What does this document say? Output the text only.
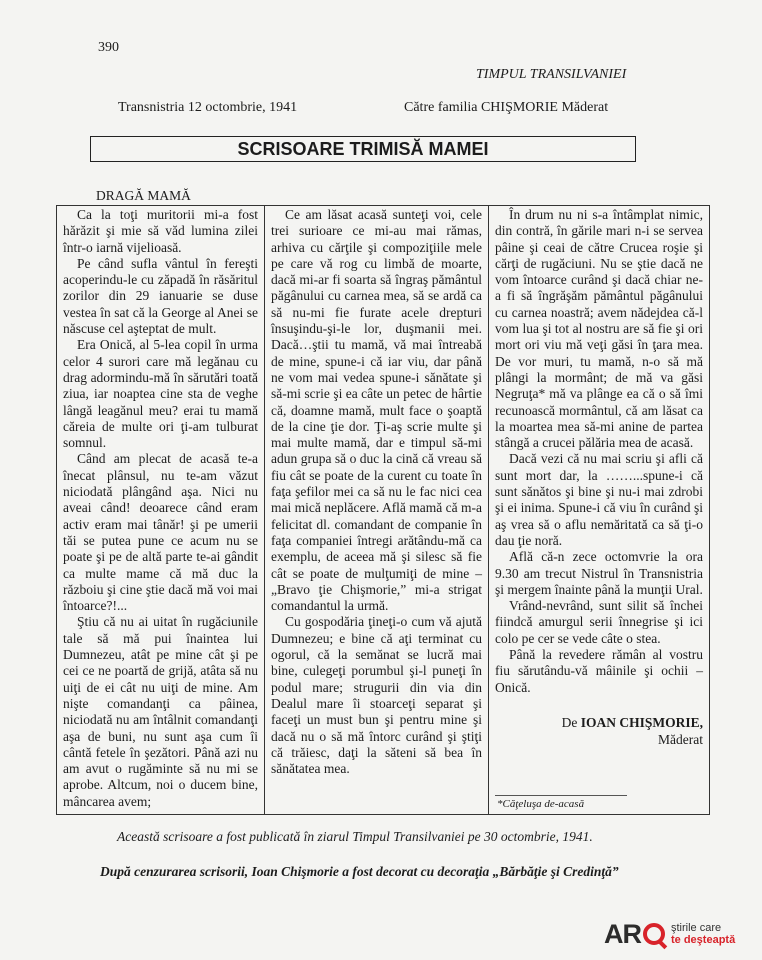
390
TIMPUL TRANSILVANIEI
Transnistria 12 octombrie, 1941	Către familia CHIŞMORIE Măderat
SCRISOARE TRIMISĂ MAMEI
DRAGĂ MAMĂ

Ca la toţi muritorii mi-a fost hărăzit şi mie să văd lumina zilei într-o iarnă vijelioasă.

Pe când sufla vântul în fereşti acoperindu-le cu zăpadă în răsăritul zorilor din 29 ianuarie se duse vestea în sat că la George al Anei se născuse cel aşteptat de mult.

Era Onică, al 5-lea copil în urma celor 4 surori care mă legănau cu drag adormindu-mă în sărutări toată ziua, iar noaptea cine sta de veghe lângă leagănul meu? erai tu mamă căreia de multe ori ţi-am tulburat somnul.

Când am plecat de acasă te-a înecat plânsul, nu te-am văzut niciodată plângând aşa. Nici nu aveai când! deoarece când eram activ eram mai tânăr! şi pe umerii tăi se putea pune ce acum nu se poate şi pe de altă parte te-ai gândit ca multe mame că mă duc la războiu şi cine ştie dacă mă voi mai întoarce?!...

Ştiu că nu ai uitat în rugăciunile tale să mă pui înaintea lui Dumnezeu, atât pe mine cât şi pe cei ce ne poartă de grijă, atâta să nu uiţi de ei cât nu uiţi de mine. Am nişte comandanţi ca pâinea, niciodată nu am întâlnit comandanţi aşa de buni, nu sunt aşa cum îi cântă fetele în şezători. Până azi nu am avut o rugăminte să nu mi se aprobe. Altcum, noi o ducem bine, mâncarea avem;

Ce am lăsat acasă sunteţi voi, cele trei surioare ce mi-au mai rămas, arhiva cu cărţile şi compoziţiile mele pe care vă rog cu limbă de moarte, dacă mi-ar fi soarta să îngraş pământul păgânului cu carnea mea, să se ardă ca să nu-mi fie furate acele drepturi însuşindu-şi-le lor, duşmanii mei. Dacă…ştii tu mamă, vă mai întreabă de mine, spune-i că iar viu, dar până ne vom mai vedea spune-i sănătate şi să-mi scrie şi ea câte un petec de hârtie că, doamne mamă, mult face o şoaptă de la cine ţie dor. Ţi-aş scrie multe şi mai multe mamă, dar e timpul să-mi adun grupa să o duc la cină că vreau să fiu cât se poate de la curent cu toate în faţa şefilor mei ca să nu le fac nici cea mai mică neplăcere. Află mamă că m-a felicitat dl. comandant de companie în faţa companiei întregi arătându-mă ca exemplu, de aceea mă şi silesc să fie cât se poate de mulţumiţi de mine – „Bravo ţie Chişmorie,” mi-a strigat comandantul la urmă.

Cu gospodăria ţineţi-o cum vă ajută Dumnezeu; e bine că aţi terminat cu ogorul, că la semănat se lucră mai bine, culegeţi porumbul şi-l puneţi în podul mare; strugurii din via din Dealul mare îi stoarceţi separat şi faceţi un must bun şi pentru mine şi dacă nu o să mă întorc curând şi ştiţi că trăiesc, daţi la săteni să bea în sănătatea mea.

În drum nu ni s-a întâmplat nimic, din contră, în gările mari n-i se servea pâine şi ceai de către Crucea roşie şi cărţi de rugăciuni. Nu se ştie dacă ne vom întoarce curând şi dacă chiar ne-a fi să îngrăşăm pământul păgânului cu carnea noastră; avem nădejdea că-l vom lua şi tot al nostru are să fie şi ori mort ori viu mă veţi găsi în ţara mea. De vor muri, tu mamă, n-o să mă plângi la mormânt; de mă va găsi Negruţa* mă va plânge ea că o să îmi recunoască mormântul, că am lăsat ca la moartea mea să-mi anine de partea stângă a crucei pălăria mea de acasă.

Dacă vezi că nu mai scriu şi afli că sunt mort dar, la ……...spune-i că sunt sănătos şi bine şi nu-i mai zdrobi şi ei inima. Spune-i că viu în curând şi aş vrea să o aflu nemăritată ca să ţi-o dau ţie noră.

Află că-n zece octomvrie la ora 9.30 am trecut Nistrul în Transnistria şi mergem înainte până la munţii Ural.

Vrând-nevrând, sunt silit să închei fiindcă amurgul serii înnegrise şi ici colo pe cer se vede câte o stea.

Până la revedere rămân al vostru fiu sărutându-vă mâinile şi ochii – Onică.

De IOAN CHIŞMORIE,
Măderat
*Căţeluşa de-acasă
Această scrisoare a fost publicată în ziarul Timpul Transilvaniei pe 30 octombrie, 1941.
După cenzurarea scrisorii, Ioan Chişmorie a fost decorat cu decoraţia „Bărbăţie şi Credinţă”
AR	ştirile care
te deşteaptă
